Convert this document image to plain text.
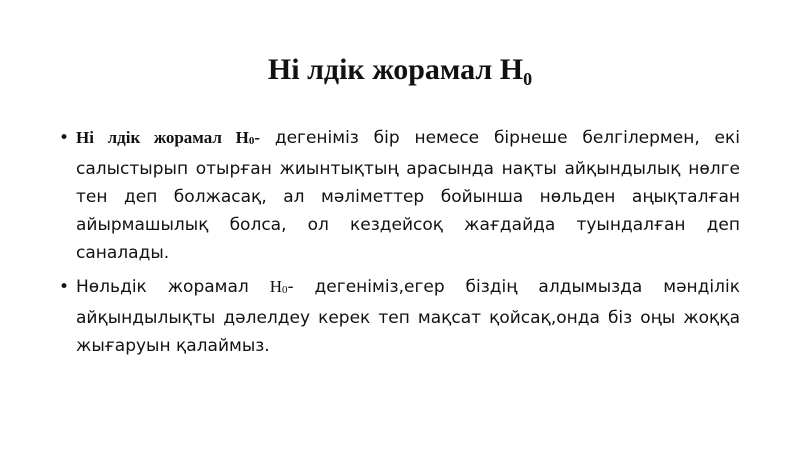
Ні лдік жорамал $H_0$

• Ні лдік жорамал H0- дегеніміз бір немесе бірнеше белгілермен, екі салыстырып отырған жиынтықтың арасында нақты айқындылық нөлге тен деп болжасақ, ал мәліметтер бойынша нөльден аңықталған айырмашылық болса, ол кездейсоқ жағдайда туындалған деп саналады.

• Нөльдік жорамал H0- дегеніміз,егер біздің алдымызда мәнділік айқындылықты дәлелдеу керек теп мақсат қойсақ,онда біз оңы жоққа жығаруын қалаймыз.
